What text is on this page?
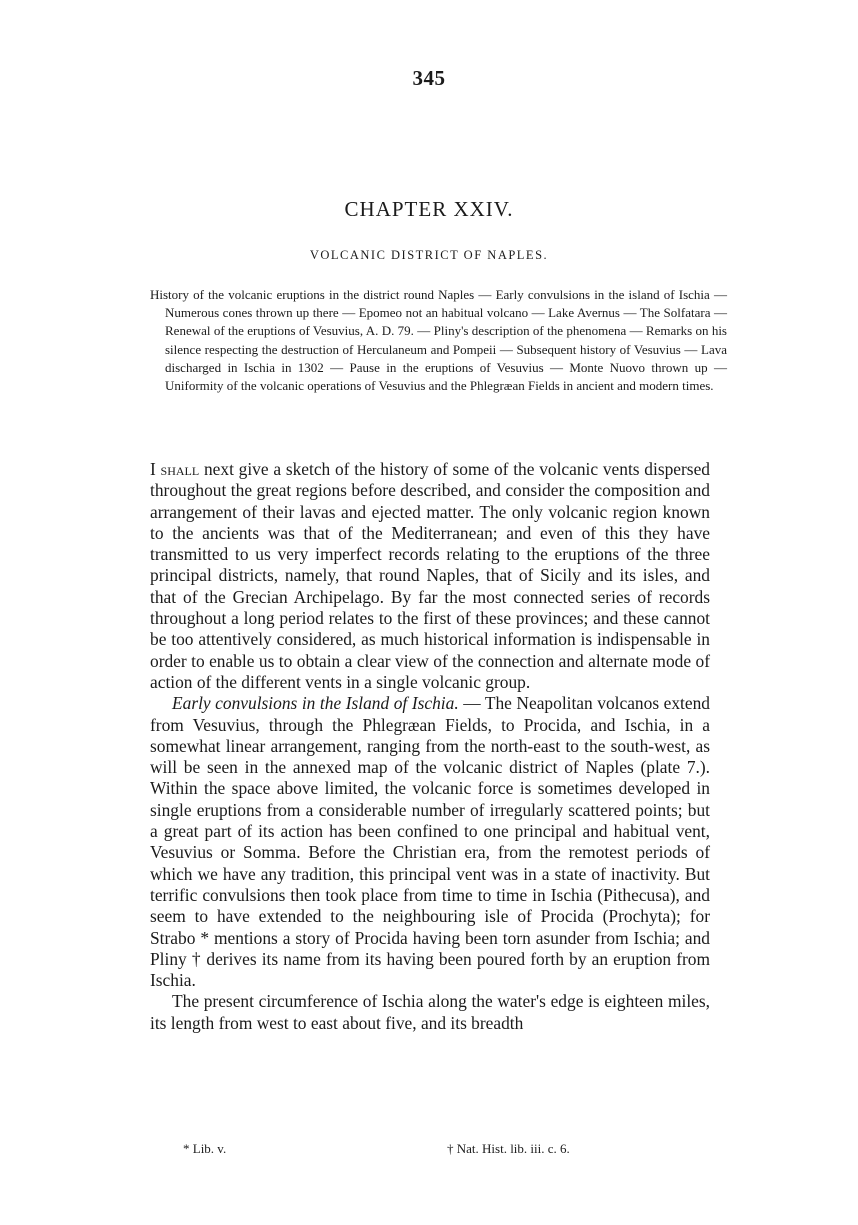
345
CHAPTER XXIV.
VOLCANIC DISTRICT OF NAPLES.
History of the volcanic eruptions in the district round Naples — Early convulsions in the island of Ischia — Numerous cones thrown up there — Epomeo not an habitual volcano — Lake Avernus — The Solfatara — Renewal of the eruptions of Vesuvius, A. D. 79. — Pliny's description of the phenomena — Remarks on his silence respecting the destruction of Herculaneum and Pompeii — Subsequent history of Vesuvius — Lava discharged in Ischia in 1302 — Pause in the eruptions of Vesuvius — Monte Nuovo thrown up — Uniformity of the volcanic operations of Vesuvius and the Phlegræan Fields in ancient and modern times.

I shall next give a sketch of the history of some of the volcanic vents dispersed throughout the great regions before described, and consider the composition and arrangement of their lavas and ejected matter. The only volcanic region known to the ancients was that of the Mediterranean; and even of this they have transmitted to us very imperfect records relating to the eruptions of the three principal districts, namely, that round Naples, that of Sicily and its isles, and that of the Grecian Archipelago. By far the most connected series of records throughout a long period relates to the first of these provinces; and these cannot be too attentively considered, as much historical information is indispensable in order to enable us to obtain a clear view of the connection and alternate mode of action of the different vents in a single volcanic group.

Early convulsions in the Island of Ischia. — The Neapolitan volcanos extend from Vesuvius, through the Phlegræan Fields, to Procida, and Ischia, in a somewhat linear arrangement, ranging from the north-east to the south-west, as will be seen in the annexed map of the volcanic district of Naples (plate 7.). Within the space above limited, the volcanic force is sometimes developed in single eruptions from a considerable number of irregularly scattered points; but a great part of its action has been confined to one principal and habitual vent, Vesuvius or Somma. Before the Christian era, from the remotest periods of which we have any tradition, this principal vent was in a state of inactivity. But terrific convulsions then took place from time to time in Ischia (Pithecusa), and seem to have extended to the neighbouring isle of Procida (Prochyta); for Strabo * mentions a story of Procida having been torn asunder from Ischia; and Pliny † derives its name from its having been poured forth by an eruption from Ischia.

The present circumference of Ischia along the water's edge is eighteen miles, its length from west to east about five, and its breadth

* Lib. v.	† Nat. Hist. lib. iii. c. 6.
